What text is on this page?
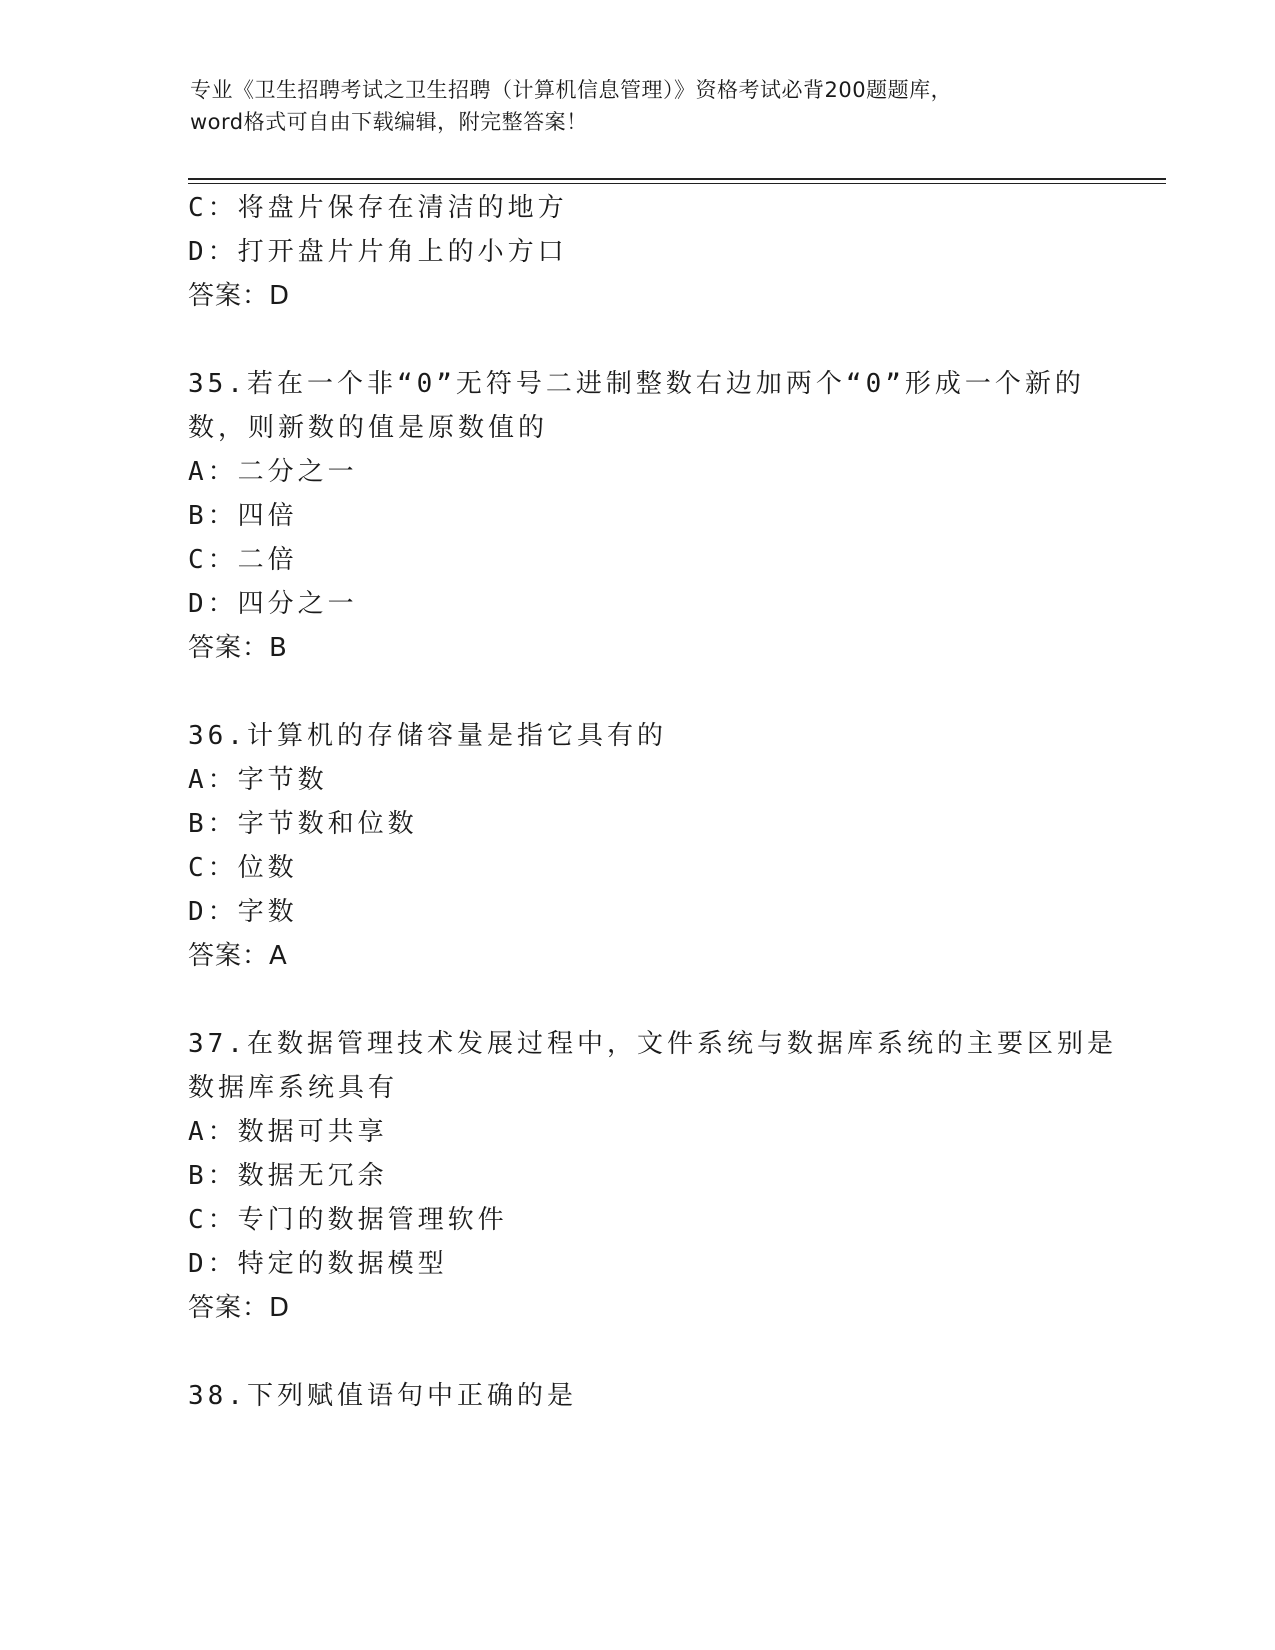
专业《卫生招聘考试之卫生招聘（计算机信息管理）》资格考试必背200题题库，
word格式可自由下载编辑，附完整答案！
C：将盘片保存在清洁的地方
D：打开盘片片角上的小方口
答案：D
35.若在一个非“0”无符号二进制整数右边加两个“0”形成一个新的
数，则新数的值是原数值的
A：二分之一
B：四倍
C：二倍
D：四分之一
答案：B
36.计算机的存储容量是指它具有的
A：字节数
B：字节数和位数
C：位数
D：字数
答案：A
37.在数据管理技术发展过程中，文件系统与数据库系统的主要区别是
数据库系统具有
A：数据可共享
B：数据无冗余
C：专门的数据管理软件
D：特定的数据模型
答案：D
38.下列赋值语句中正确的是
